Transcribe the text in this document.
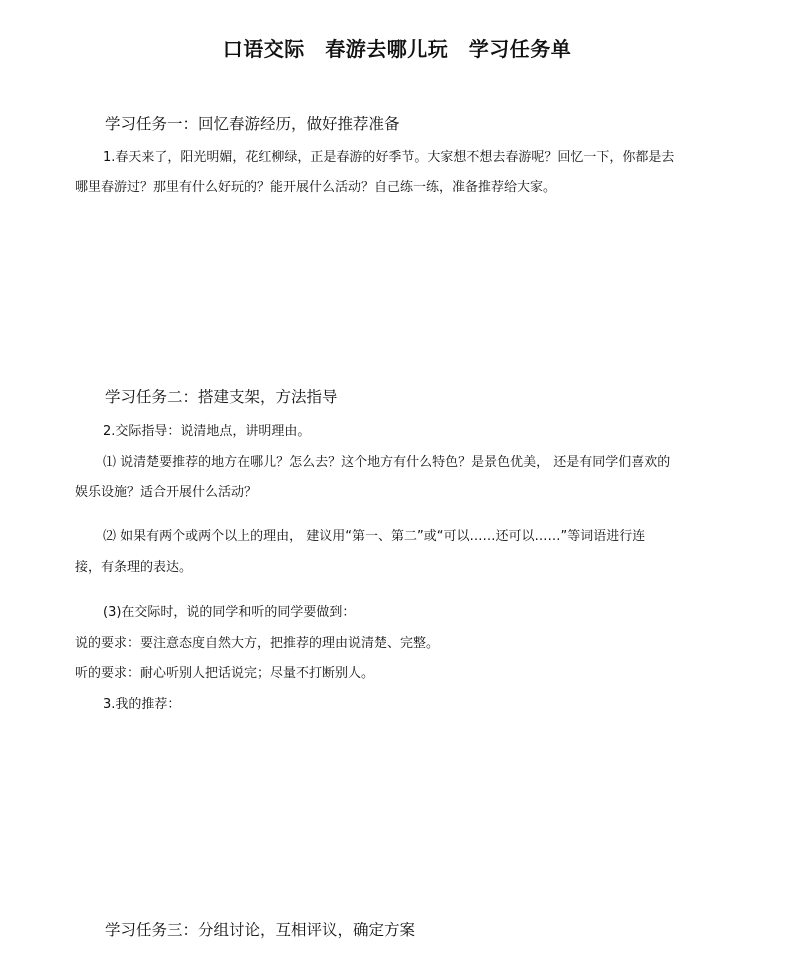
口语交际　春游去哪儿玩　学习任务单
学习任务一：回忆春游经历，做好推荐准备
1.春天来了，阳光明媚，花红柳绿，正是春游的好季节。大家想不想去春游呢？回忆一下，你都是去
哪里春游过？那里有什么好玩的？能开展什么活动？自己练一练，准备推荐给大家。
学习任务二：搭建支架，方法指导
2.交际指导：说清地点，讲明理由。
⑴ 说清楚要推荐的地方在哪儿？怎么去？这个地方有什么特色？是景色优美， 还是有同学们喜欢的
娱乐设施？适合开展什么活动？
⑵ 如果有两个或两个以上的理由， 建议用“第一、第二”或“可以……还可以……”等词语进行连
接，有条理的表达。
(3)在交际时，说的同学和听的同学要做到：
说的要求：要注意态度自然大方，把推荐的理由说清楚、完整。
听的要求：耐心听别人把话说完；尽量不打断别人。
3.我的推荐：
学习任务三：分组讨论，互相评议，确定方案
